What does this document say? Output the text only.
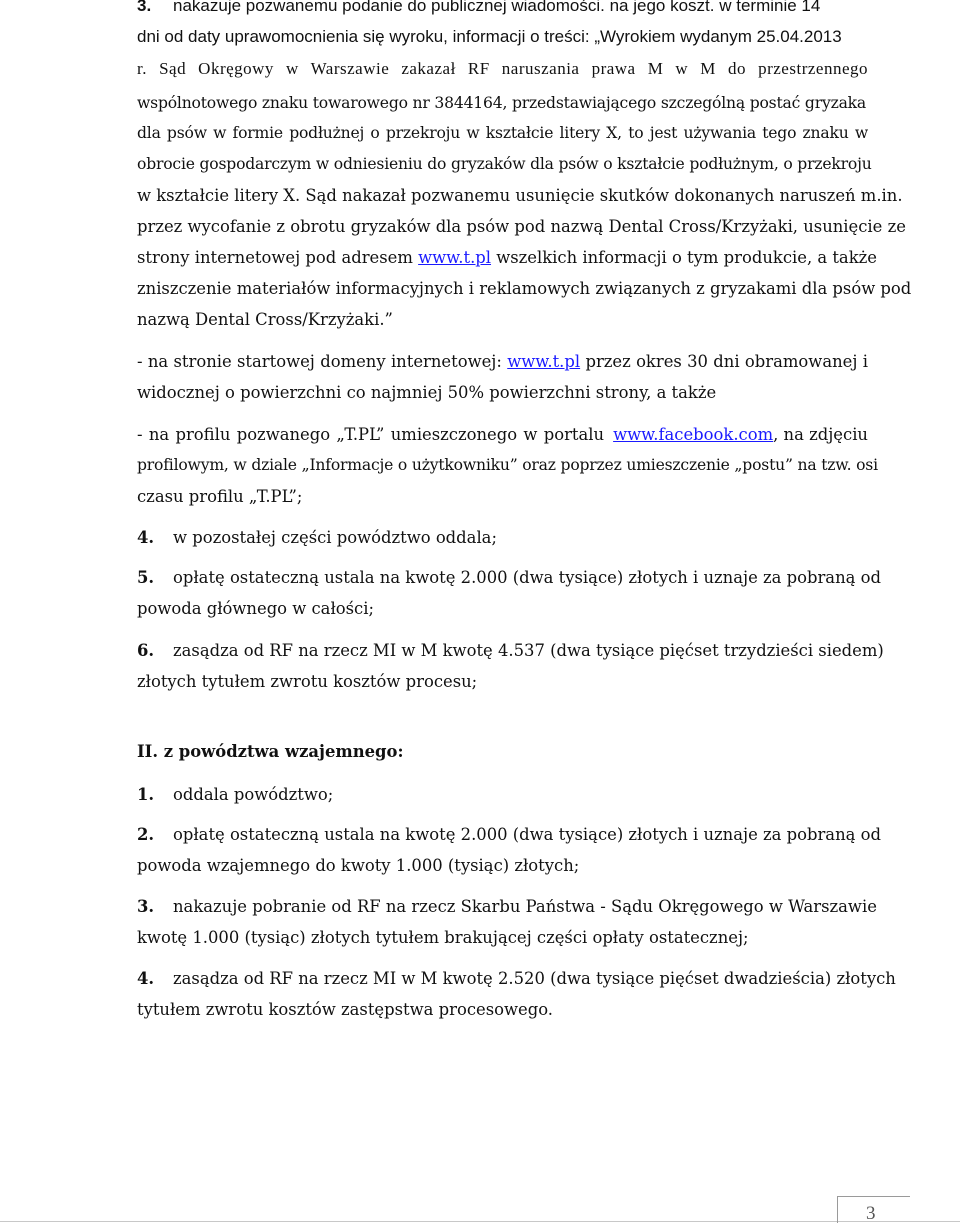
3. nakazuje pozwanemu podanie do publicznej wiadomości. na jego koszt. w terminie 14
dni od daty uprawomocnienia się wyroku, informacji o treści: „Wyrokiem wydanym 25.04.2013
r. Sąd Okręgowy w Warszawie zakazał RF naruszania prawa M w M do przestrzennego
wspólnotowego znaku towarowego nr 3844164, przedstawiającego szczególną postać gryzaka
dla psów w formie podłużnej o przekroju w kształcie litery X, to jest używania tego znaku w
obrocie gospodarczym w odniesieniu do gryzaków dla psów o kształcie podłużnym, o przekroju
w kształcie litery X. Sąd nakazał pozwanemu usunięcie skutków dokonanych naruszeń m.in.
przez wycofanie z obrotu gryzaków dla psów pod nazwą Dental Cross/Krzyżaki, usunięcie ze
strony internetowej pod adresem www.t.pl wszelkich informacji o tym produkcie, a także
zniszczenie materiałów informacyjnych i reklamowych związanych z gryzakami dla psów pod
nazwą Dental Cross/Krzyżaki.”
- na stronie startowej domeny internetowej: www.t.pl przez okres 30 dni obramowanej i
widocznej o powierzchni co najmniej 50% powierzchni strony, a także
- na profilu pozwanego „T.PL” umieszczonego w portalu www.facebook.com, na zdjęciu
profilowym, w dziale „Informacje o użytkowniku” oraz poprzez umieszczenie „postu” na tzw. osi
czasu profilu „T.PL”;
4. w pozostałej części powództwo oddala;
5. opłatę ostateczną ustala na kwotę 2.000 (dwa tysiące) złotych i uznaje za pobraną od
powoda głównego w całości;
6. zasądza od RF na rzecz MI w M kwotę 4.537 (dwa tysiące pięćset trzydzieści siedem)
złotych tytułem zwrotu kosztów procesu;
II. z powództwa wzajemnego:
1. oddala powództwo;
2. opłatę ostateczną ustala na kwotę 2.000 (dwa tysiące) złotych i uznaje za pobraną od
powoda wzajemnego do kwoty 1.000 (tysiąc) złotych;
3. nakazuje pobranie od RF na rzecz Skarbu Państwa - Sądu Okręgowego w Warszawie
kwotę 1.000 (tysiąc) złotych tytułem brakującej części opłaty ostatecznej;
4. zasądza od RF na rzecz MI w M kwotę 2.520 (dwa tysiące pięćset dwadzieścia) złotych
tytułem zwrotu kosztów zastępstwa procesowego.
3
